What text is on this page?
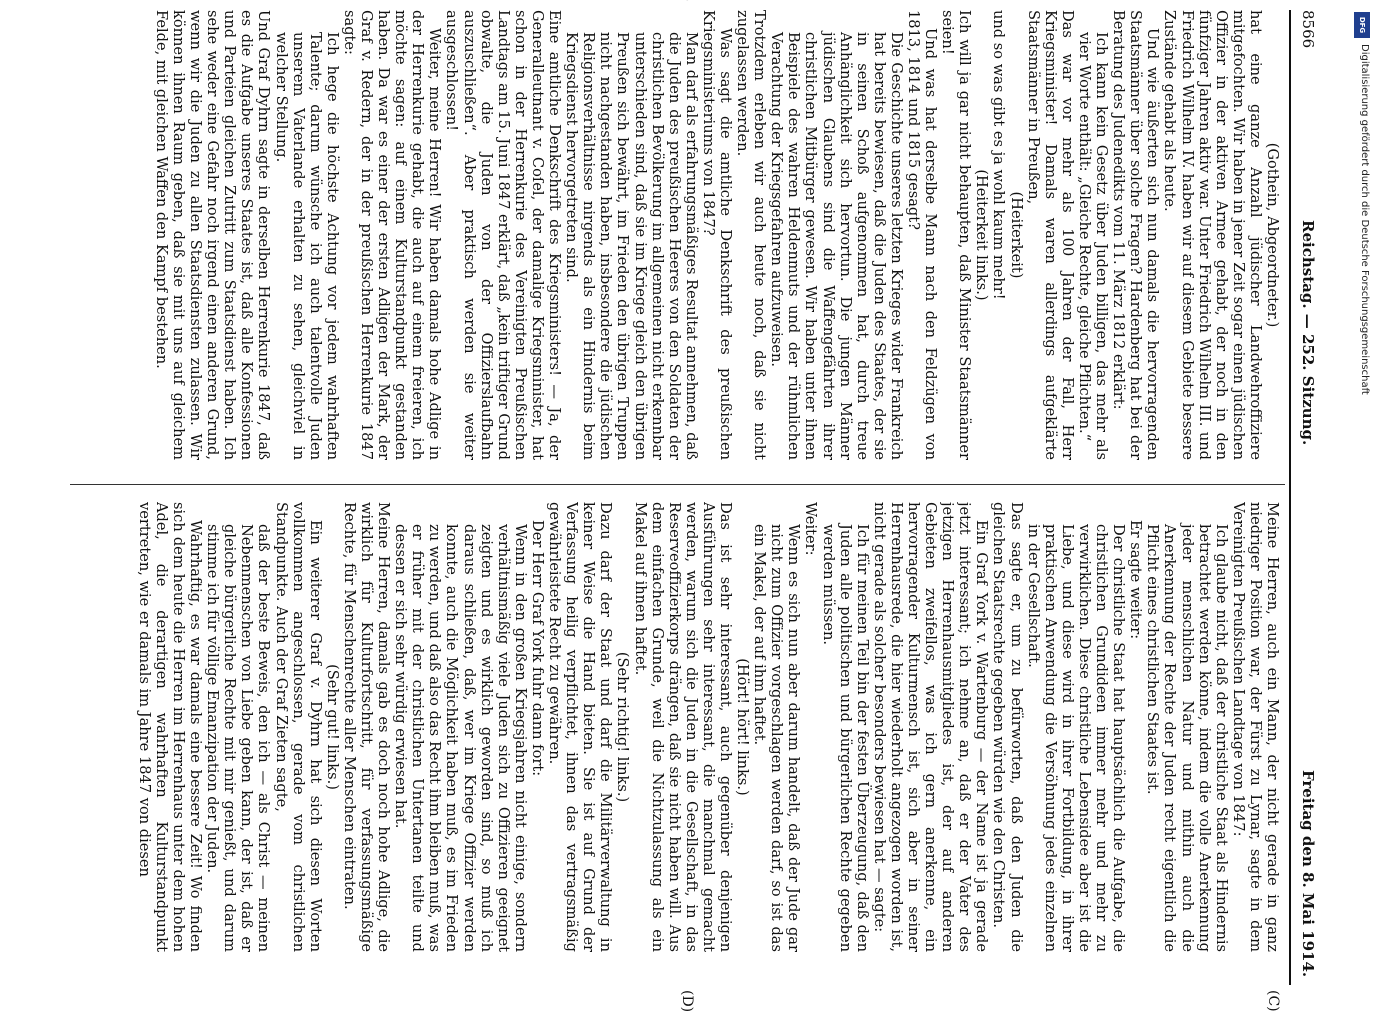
8566
Reichstag. — 252. Sitzung.
Freitag den 8. Mai 1914.
(C)
(D)

(Gothein, Abgeordneter.)

hat eine ganze Anzahl jüdischer Landwehroffiziere mitgefochten. Wir haben in jener Zeit sogar einen jüdischen Offizier in der aktiven Armee gehabt, der noch in den fünfziger Jahren aktiv war. Unter Friedrich Wilhelm III. und Friedrich Wilhelm IV. haben wir auf diesem Gebiete bessere Zustände gehabt als heute.

Und wie äußerten sich nun damals die hervorragenden Staatsmänner über solche Fragen? Hardenberg hat bei der Beratung des Judenedikts vom 11. März 1812 erklärt:

Ich kann kein Gesetz über Juden billigen, das mehr als vier Worte enthält: „Gleiche Rechte, gleiche Pflichten.“

Das war vor mehr als 100 Jahren der Fall, Herr Kriegsminister! Damals waren allerdings aufgeklärte Staatsmänner in Preußen,

(Heiterkeit)

und so was gibt es ja wohl kaum mehr!

(Heiterkeit links.)

Ich will ja gar nicht behaupten, daß Minister Staatsmänner seien!

Und was hat derselbe Mann nach den Feldzügen von 1813, 1814 und 1815 gesagt?

Die Geschichte unseres letzten Krieges wider Frankreich hat bereits bewiesen, daß die Juden des Staates, der sie in seinen Schoß aufgenommen hat, durch treue Anhänglichkeit sich hervortun. Die jungen Männer jüdischen Glaubens sind die Waffengefährten ihrer christlichen Mitbürger gewesen. Wir haben unter ihnen Beispiele des wahren Heldenmuts und der rühmlichen Verachtung der Kriegsgefahren aufzuweisen.

Trotzdem erleben wir auch heute noch, daß sie nicht zugelassen werden.

Was sagt die amtliche Denkschrift des preußischen Kriegsministeriums von 1847?

Man darf als erfahrungsmäßiges Resultat annehmen, daß die Juden des preußischen Heeres von den Soldaten der christlichen Bevölkerung im allgemeinen nicht erkennbar unterschieden sind, daß sie im Kriege gleich den übrigen Preußen sich bewährt, im Frieden den übrigen Truppen nicht nachgestanden haben, insbesondere die jüdischen Religionsverhältnisse nirgends als ein Hindernis beim Kriegsdienst hervorgetreten sind.

Eine amtliche Denkschrift des Kriegsministers! — Ja, der Generalleutnant v. Coſel, der damalige Kriegsminister, hat schon in der Herrenkurie des Vereinigten Preußischen Landtags am 15. Juni 1847 erklärt, daß „kein triftiger Grund obwalte, die Juden von der Offizierslaufbahn auszuschließen“. Aber praktisch werden sie weiter ausgeschlossen!

Weiter, meine Herren! Wir haben damals hohe Adlige in der Herrenkurie gehabt, die auch auf einem freieren, ich möchte sagen: auf einem Kulturstandpunkt gestanden haben. Da war es einer der ersten Adligen der Mark, der Graf v. Redern, der in der preußischen Herrenkurie 1847 sagte:

Ich hege die höchste Achtung vor jedem wahrhaften Talente; darum wünsche ich auch talentvolle Juden unserem Vaterlande erhalten zu sehen, gleichviel in welcher Stellung.

Und Graf Dyhrn sagte in derselben Herrenkurie 1847, daß es die Aufgabe unseres Staates ist, daß alle Konfessionen und Parteien gleichen Zutritt zum Staatsdienst haben. Ich sehe weder eine Gefahr noch irgend einen anderen Grund, wenn wir die Juden zu allen Staatsdiensten zulassen. Wir können ihnen Raum geben, daß sie mit uns auf gleichem Felde, mit gleichen Waffen den Kampf bestehen.

Meine Herren, auch ein Mann, der nicht gerade in ganz niedriger Position war, der Fürst zu Lynar, sagte in dem Vereinigten Preußischen Landtage von 1847:

Ich glaube nicht, daß der christliche Staat als Hindernis betrachtet werden könne, indem die volle Anerkennung jeder menschlichen Natur und mithin auch die Anerkennung der Rechte der Juden recht eigentlich die Pflicht eines christlichen Staates ist.

Er sagte weiter:

Der christliche Staat hat hauptsächlich die Aufgabe, die christlichen Grundideen immer mehr und mehr zu verwirklichen. Diese christliche Lebensidee aber ist die Liebe, und diese wird in ihrer Fortbildung, in ihrer praktischen Anwendung die Versöhnung jedes einzelnen in der Gesellschaft.

Das sagte er, um zu befürworten, daß den Juden die gleichen Staatsrechte gegeben würden wie den Christen.

Ein Graf York v. Wartenburg — der Name ist ja gerade jetzt interessant; ich nehme an, daß er der Vater des jetzigen Herrenhausmitgliedes ist, der auf anderen Gebieten zweifellos, was ich gern anerkenne, ein hervorragender Kulturmensch ist, sich aber in seiner Herrenhausrede, die hier wiederholt angezogen worden ist, nicht gerade als solcher besonders bewiesen hat — sagte:

Ich für meinen Teil bin der festen Überzeugung, daß den Juden alle politischen und bürgerlichen Rechte gegeben werden müssen.

Weiter:

Wenn es sich nun aber darum handelt, daß der Jude gar nicht zum Offizier vorgeschlagen werden darf, so ist das ein Makel, der auf ihm haftet.

(Hört! hört! links.)

Das ist sehr interessant, auch gegenüber denjenigen Ausführungen sehr interessant, die manchmal gemacht werden, warum sich die Juden in die Gesellschaft, in das Reserveoffizierkorps drängen, daß sie nicht haben will. Aus dem einfachen Grunde, weil die Nichtzulassung als ein Makel auf ihnen haftet.

(Sehr richtig! links.)

Dazu darf der Staat und darf die Militärverwaltung in keiner Weise die Hand bieten. Sie ist auf Grund der Verfassung heilig verpflichtet, ihnen das vertragsmäßig gewährleistete Recht zu gewähren.

Der Herr Graf York fuhr dann fort:

Wenn in den großen Kriegsjahren nicht einige, sondern verhältnismäßig viele Juden sich zu Offizieren geeignet zeigten und es wirklich geworden sind, so muß ich daraus schließen, daß, wer im Kriege Offizier werden konnte, auch die Möglichkeit haben muß, es im Frieden zu werden, und daß also das Recht ihm bleiben muß, was er früher mit der christlichen Untertanen teilte und dessen er sich sehr würdig erwiesen hat.

Meine Herren, damals gab es doch noch hohe Adlige, die wirklich für Kulturfortschritt, für verfassungsmäßige Rechte, für Menschenrechte aller Menschen eintraten.

(Sehr gut! links.)

Ein weiterer Graf v. Dyhrn hat sich diesen Worten vollkommen angeschlossen, gerade vom christlichen Standpunkte. Auch der Graf Zieten sagte,

daß der beste Beweis, den ich — als Christ — meinen Nebenmenschen von Liebe geben kann, der ist, daß er gleiche bürgerliche Rechte mit mir genießt, und darum stimme ich für völlige Emanzipation der Juden.

Wahrhaftig, es war damals eine bessere Zeit! Wo finden sich dem heute die Herren im Herrenhaus unter dem hohen Adel, die derartigen wahrhaften Kulturstandpunkt vertreten, wie er damals im Jahre 1847 von diesen

DFG
Digitalisierung gefördert durch die Deutsche Forschungsgemeinschaft
